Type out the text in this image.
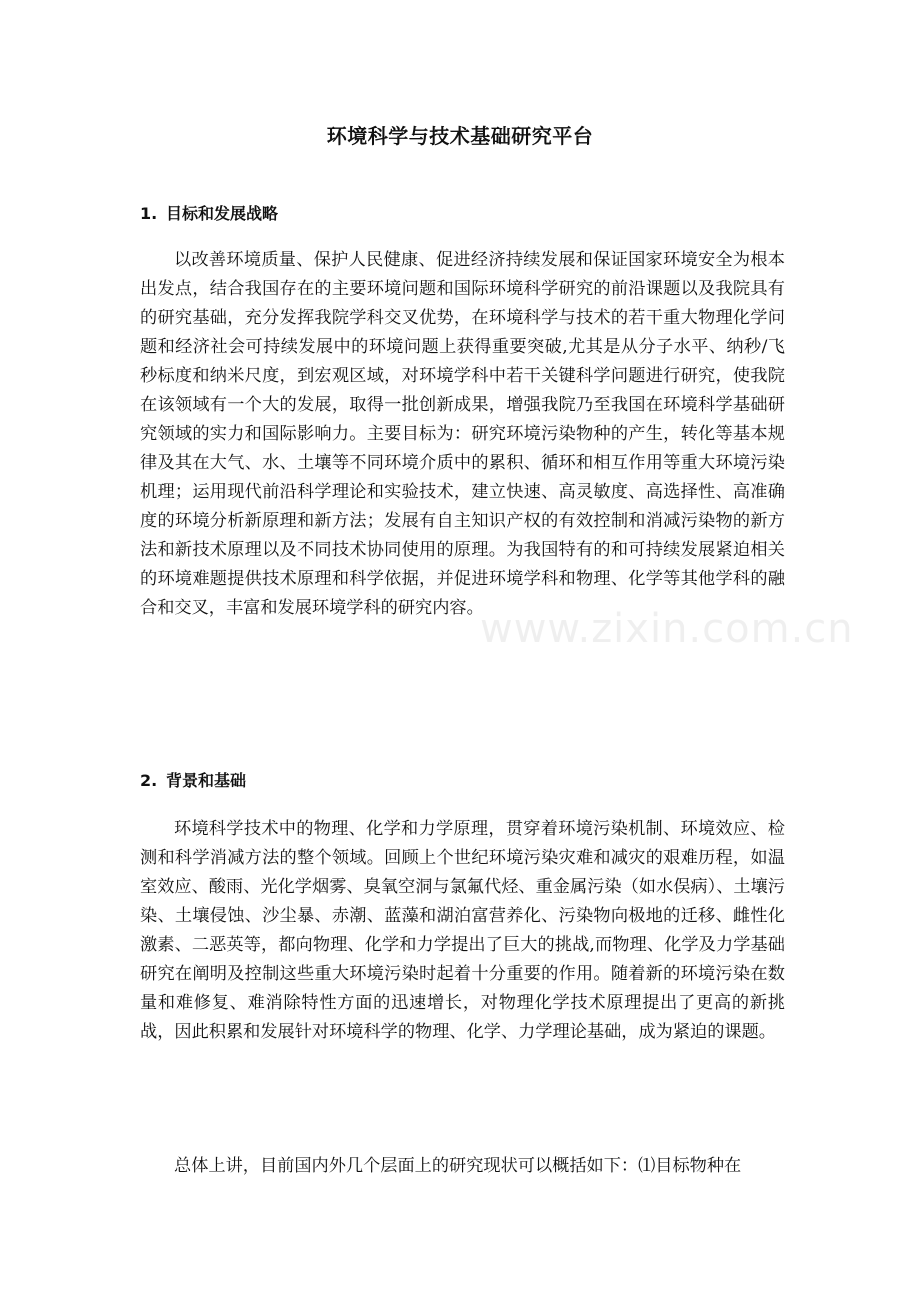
www.zixin.com.cn
环境科学与技术基础研究平台
1. 目标和发展战略

以改善环境质量、保护人民健康、促进经济持续发展和保证国家环境安全为根本出发点，结合我国存在的主要环境问题和国际环境科学研究的前沿课题以及我院具有的研究基础，充分发挥我院学科交叉优势，在环境科学与技术的若干重大物理化学问题和经济社会可持续发展中的环境问题上获得重要突破,尤其是从分子水平、纳秒/飞秒标度和纳米尺度，到宏观区域，对环境学科中若干关键科学问题进行研究，使我院在该领域有一个大的发展，取得一批创新成果，增强我院乃至我国在环境科学基础研究领域的实力和国际影响力。主要目标为：研究环境污染物种的产生，转化等基本规律及其在大气、水、土壤等不同环境介质中的累积、循环和相互作用等重大环境污染机理；运用现代前沿科学理论和实验技术，建立快速、高灵敏度、高选择性、高准确度的环境分析新原理和新方法；发展有自主知识产权的有效控制和消减污染物的新方法和新技术原理以及不同技术协同使用的原理。为我国特有的和可持续发展紧迫相关的环境难题提供技术原理和科学依据，并促进环境学科和物理、化学等其他学科的融合和交叉，丰富和发展环境学科的研究内容。

2. 背景和基础

环境科学技术中的物理、化学和力学原理，贯穿着环境污染机制、环境效应、检测和科学消减方法的整个领域。回顾上个世纪环境污染灾难和减灾的艰难历程，如温室效应、酸雨、光化学烟雾、臭氧空洞与氯氟代烃、重金属污染（如水俣病）、土壤污染、土壤侵蚀、沙尘暴、赤潮、蓝藻和湖泊富营养化、污染物向极地的迁移、雌性化激素、二恶英等，都向物理、化学和力学提出了巨大的挑战,而物理、化学及力学基础研究在阐明及控制这些重大环境污染时起着十分重要的作用。随着新的环境污染在数量和难修复、难消除特性方面的迅速增长，对物理化学技术原理提出了更高的新挑战，因此积累和发展针对环境科学的物理、化学、力学理论基础，成为紧迫的课题。

总体上讲，目前国内外几个层面上的研究现状可以概括如下：⑴目标物种在
